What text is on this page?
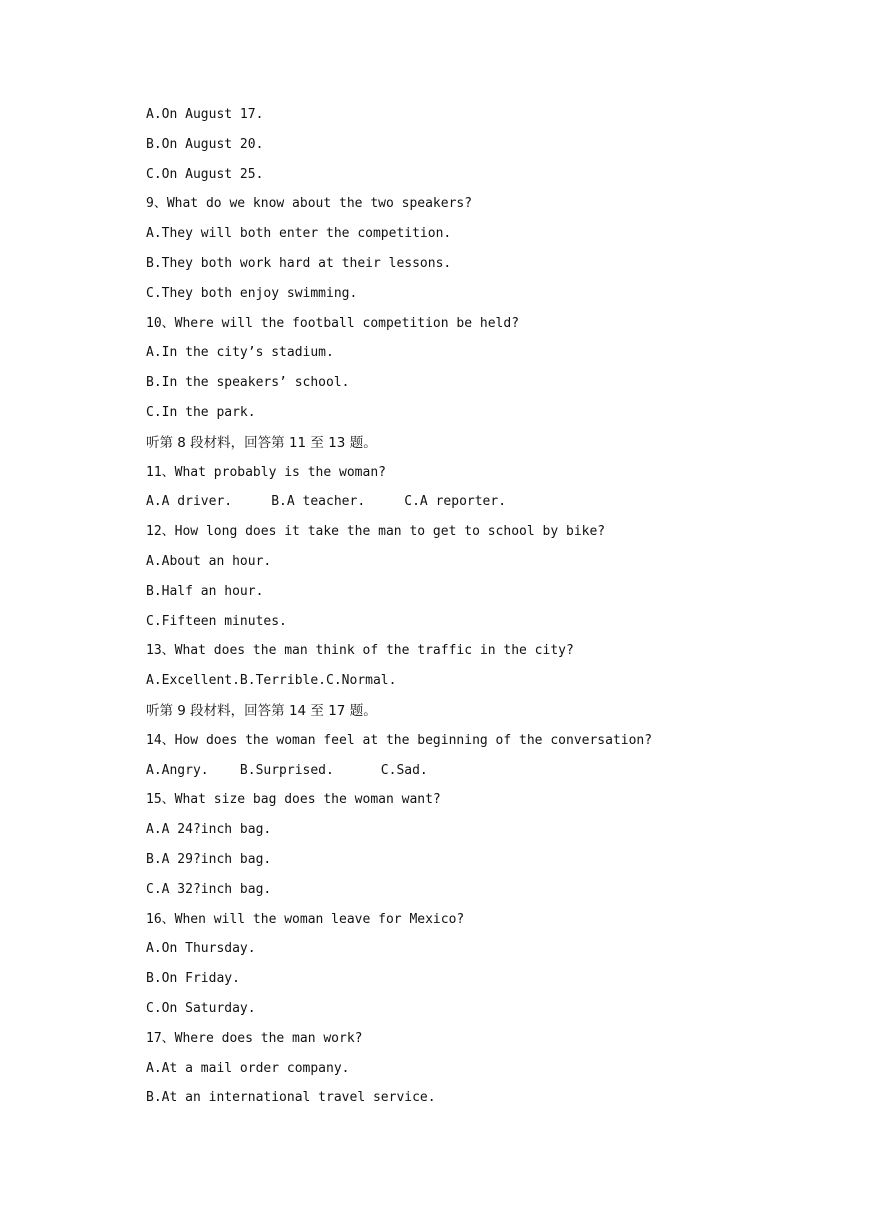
A.On August 17.
B.On August 20.
C.On August 25.
9、What do we know about the two speakers?
A.They will both enter the competition.
B.They both work hard at their lessons.
C.They both enjoy swimming.
10、Where will the football competition be held?
A.In the city’s stadium.
B.In the speakers’ school.
C.In the park.
听第 8 段材料，回答第 11 至 13 题。
11、What probably is the woman?
A.A driver.     B.A teacher.     C.A reporter.
12、How long does it take the man to get to school by bike?
A.About an hour.
B.Half an hour.
C.Fifteen minutes.
13、What does the man think of the traffic in the city?
A.Excellent.B.Terrible.C.Normal.
听第 9 段材料，回答第 14 至 17 题。
14、How does the woman feel at the beginning of the conversation?
A.Angry.    B.Surprised.      C.Sad.
15、What size bag does the woman want?
A.A 24?inch bag.
B.A 29?inch bag.
C.A 32?inch bag.
16、When will the woman leave for Mexico?
A.On Thursday.
B.On Friday.
C.On Saturday.
17、Where does the man work?
A.At a mail order company.
B.At an international travel service.
